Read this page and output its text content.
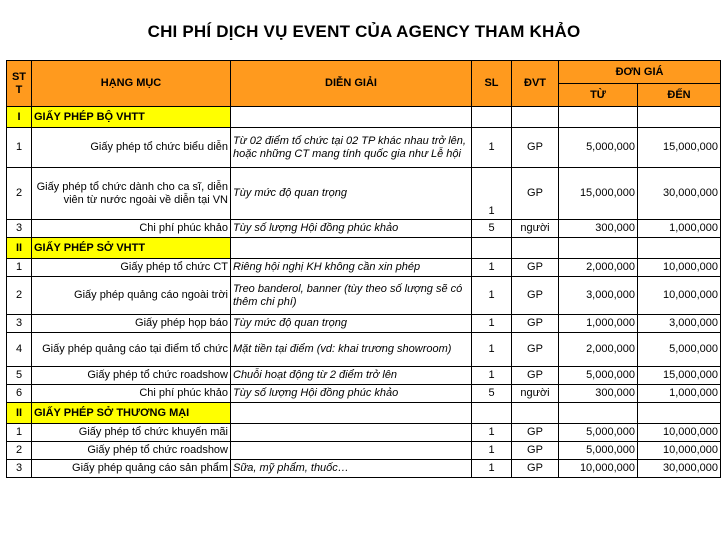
CHI PHÍ DỊCH VỤ EVENT CỦA AGENCY THAM KHẢO
ST T	HẠNG MỤC	DIỄN GIẢI	SL	ĐVT	ĐƠN GIÁ	
					TỪ	ĐẾN
I	GIẤY PHÉP BỘ VHTT					
1	Giấy phép tổ chức biểu diễn	Từ 02 điểm tổ chức tại 02 TP khác nhau trở lên, hoặc những CT mang tính quốc gia như Lễ hội	1	GP	5,000,000	15,000,000
2	Giấy phép tổ chức dành cho ca sĩ, diễn viên từ nước ngoài về diễn tại VN	Tùy mức độ quan trọng	1	GP	15,000,000	30,000,000
3	Chi phí phúc khảo	Tùy số lượng Hội đồng phúc khảo	5	người	300,000	1,000,000
II	GIẤY PHÉP SỞ VHTT					
1	Giấy phép tổ chức CT	Riêng hội nghị KH không cần xin phép	1	GP	2,000,000	10,000,000
2	Giấy phép quảng cáo ngoài trời	Treo banderol, banner (tùy theo số lượng sẽ có thêm chi phí)	1	GP	3,000,000	10,000,000
3	Giấy phép họp báo	Tùy mức độ quan trọng	1	GP	1,000,000	3,000,000
4	Giấy phép quảng cáo tại điểm tổ chức	Mặt tiền tại điểm (vd: khai trương showroom)	1	GP	2,000,000	5,000,000
5	Giấy phép tổ chức roadshow	Chuỗi hoạt động từ 2 điểm trở lên	1	GP	5,000,000	15,000,000
6	Chi phí phúc khảo	Tùy số lượng Hội đồng phúc khảo	5	người	300,000	1,000,000
II	GIẤY PHÉP SỞ THƯƠNG MẠI					
1	Giấy phép tổ chức khuyến mãi		1	GP	5,000,000	10,000,000
2	Giấy phép tổ chức roadshow		1	GP	5,000,000	10,000,000
3	Giấy phép quảng cáo sản phẩm	Sữa, mỹ phẩm, thuốc…	1	GP	10,000,000	30,000,000
